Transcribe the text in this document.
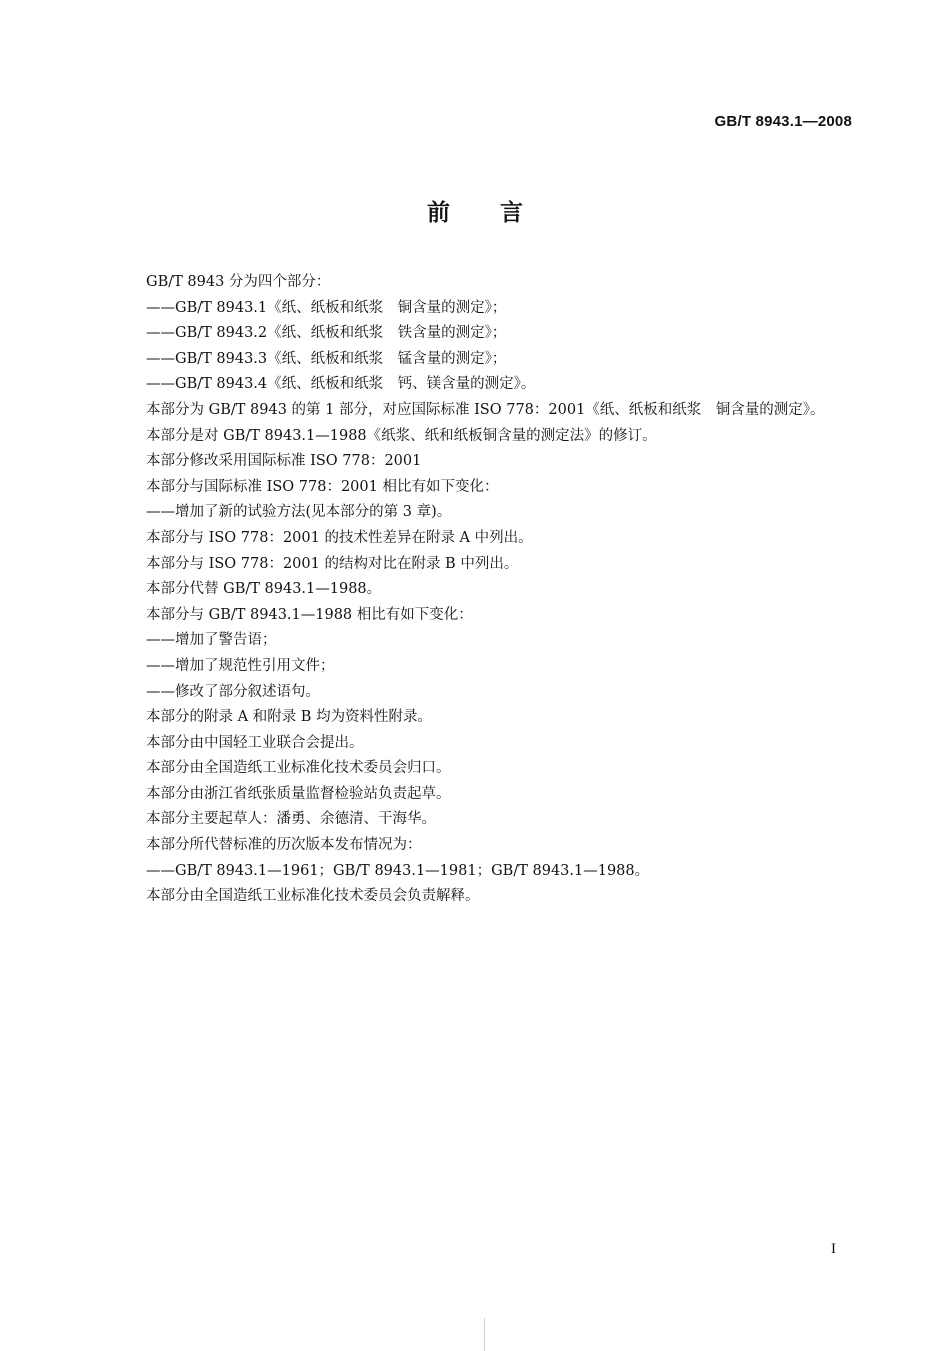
GB/T 8943.1—2008
前 言
GB/T 8943 分为四个部分：
——GB/T 8943.1《纸、纸板和纸浆　铜含量的测定》；
——GB/T 8943.2《纸、纸板和纸浆　铁含量的测定》；
——GB/T 8943.3《纸、纸板和纸浆　锰含量的测定》；
——GB/T 8943.4《纸、纸板和纸浆　钙、镁含量的测定》。
本部分为 GB/T 8943 的第 1 部分，对应国际标准 ISO 778：2001《纸、纸板和纸浆　铜含量的测定》。
本部分是对 GB/T 8943.1—1988《纸浆、纸和纸板铜含量的测定法》的修订。
本部分修改采用国际标准 ISO 778：2001
本部分与国际标准 ISO 778：2001 相比有如下变化：
——增加了新的试验方法(见本部分的第 3 章)。
本部分与 ISO 778：2001 的技术性差异在附录 A 中列出。
本部分与 ISO 778：2001 的结构对比在附录 B 中列出。
本部分代替 GB/T 8943.1—1988。
本部分与 GB/T 8943.1—1988 相比有如下变化：
——增加了警告语；
——增加了规范性引用文件；
——修改了部分叙述语句。
本部分的附录 A 和附录 B 均为资料性附录。
本部分由中国轻工业联合会提出。
本部分由全国造纸工业标准化技术委员会归口。
本部分由浙江省纸张质量监督检验站负责起草。
本部分主要起草人：潘勇、余德清、干海华。
本部分所代替标准的历次版本发布情况为：
——GB/T 8943.1—1961；GB/T 8943.1—1981；GB/T 8943.1—1988。
本部分由全国造纸工业标准化技术委员会负责解释。
I
